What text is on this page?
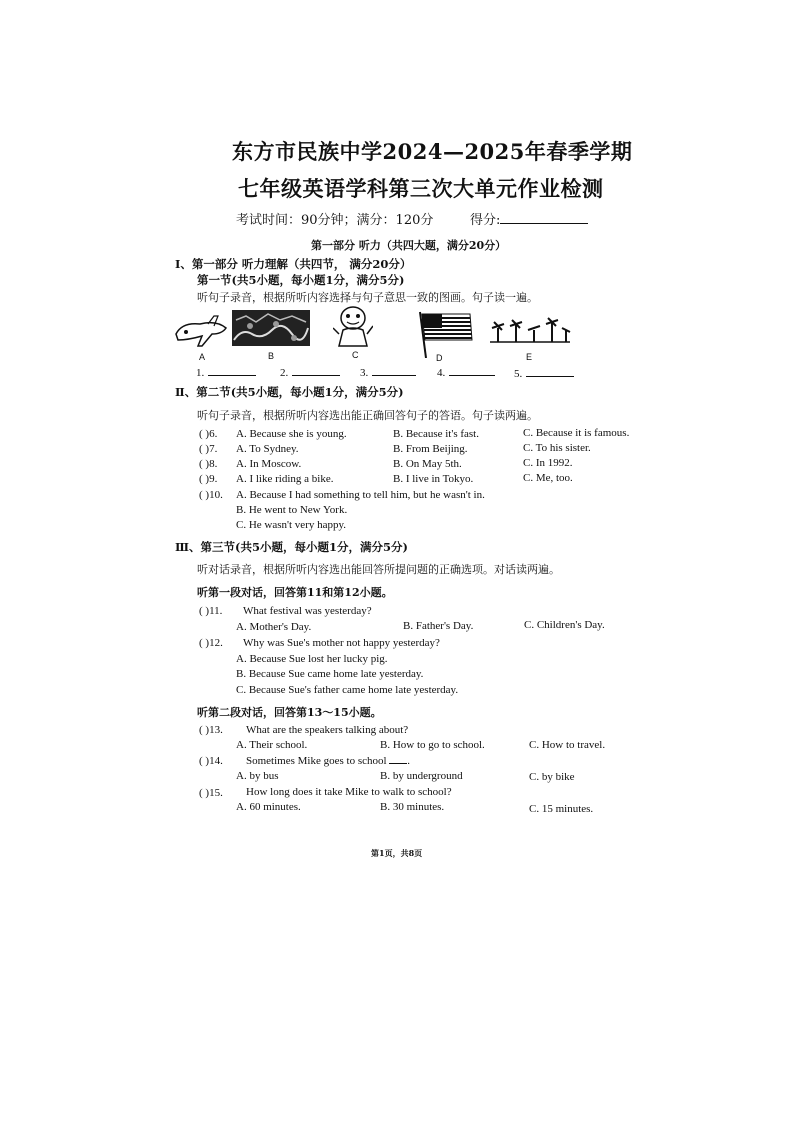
东方市民族中学2024—2025年春季学期
七年级英语学科第三次大单元作业检测
考试时间：90分钟；满分：120分	得分:
第一部分 听力（共四大题，满分20分）
Ⅰ、第一部分 听力理解（共四节， 满分20分）
第一节(共5小题，每小题1分，满分5分)
听句子录音，根据所听内容选择与句子意思一致的图画。句子读一遍。
A	B	C	D	E
1.	2.	3.	4.	5.
Ⅱ、第二节(共5小题，每小题1分，满分5分)
听句子录音，根据所听内容选出能正确回答句子的答语。句子读两遍。
( )6. A. Because she is young.	B. Because it's fast.	C. Because it is famous.
( )7. A. To Sydney.	B. From Beijing.	C. To his sister.
( )8. A. In Moscow.	B. On May 5th.	C. In 1992.
( )9. A. I like riding a bike.	B. I live in Tokyo.	C. Me, too.
( )10. A. Because I had something to tell him, but he wasn't in.
B. He went to New York.
C. He wasn't very happy.
Ⅲ、第三节(共5小题，每小题1分，满分5分)
听对话录音，根据所听内容选出能回答所提问题的正确选项。对话读两遍。
听第一段对话，回答第11和第12小题。
( )11. What festival was yesterday?
A. Mother's Day.	B. Father's Day.	C. Children's Day.
( )12. Why was Sue's mother not happy yesterday?
A. Because Sue lost her lucky pig.
B. Because Sue came home late yesterday.
C. Because Sue's father came home late yesterday.
听第二段对话，回答第13～15小题。
( )13. What are the speakers talking about?
A. Their school.	B. How to go to school.	C. How to travel.
( )14. Sometimes Mike goes to school .
A. by bus	B. by underground	C. by bike
( )15. How long does it take Mike to walk to school?
A. 60 minutes.	B. 30 minutes.	C. 15 minutes.
第1页，共8页
